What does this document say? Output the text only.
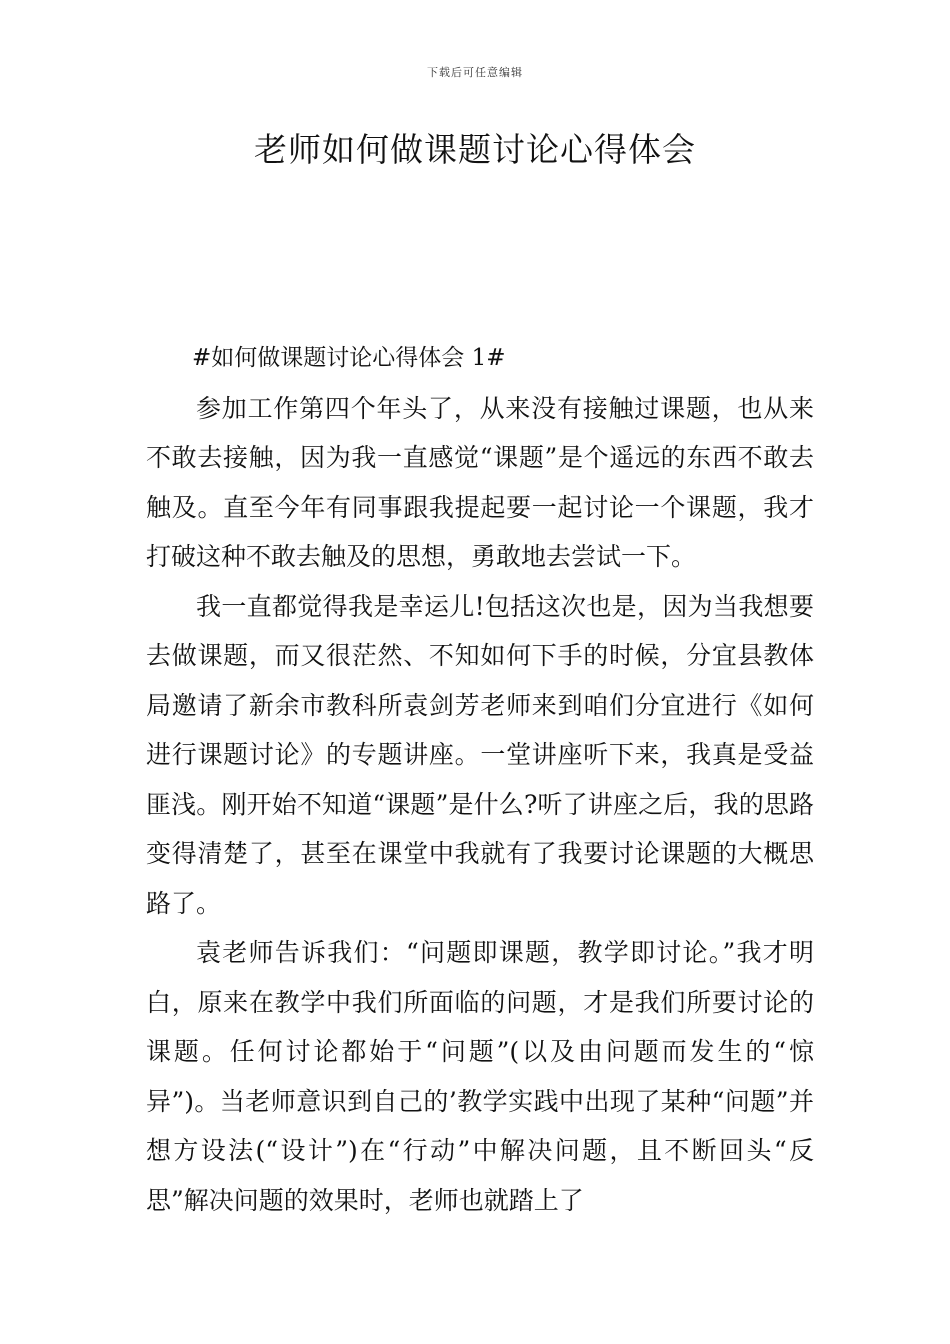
下载后可任意编辑
老师如何做课题讨论心得体会
#如何做课题讨论心得体会 1#

参加工作第四个年头了，从来没有接触过课题，也从来不敢去接触，因为我一直感觉“课题”是个遥远的东西不敢去触及。直至今年有同事跟我提起要一起讨论一个课题，我才打破这种不敢去触及的思想，勇敢地去尝试一下。

我一直都觉得我是幸运儿!包括这次也是，因为当我想要去做课题，而又很茫然、不知如何下手的时候，分宜县教体局邀请了新余市教科所袁剑芳老师来到咱们分宜进行《如何进行课题讨论》的专题讲座。一堂讲座听下来，我真是受益匪浅。刚开始不知道“课题”是什么?听了讲座之后，我的思路变得清楚了，甚至在课堂中我就有了我要讨论课题的大概思路了。

袁老师告诉我们：“问题即课题，教学即讨论。”我才明白，原来在教学中我们所面临的问题，才是我们所要讨论的课题。任何讨论都始于“问题”(以及由问题而发生的“惊异”)。当老师意识到自己的’教学实践中出现了某种“问题”并想方设法(“设计”)在“行动”中解决问题，且不断回头“反思”解决问题的效果时，老师也就踏上了
